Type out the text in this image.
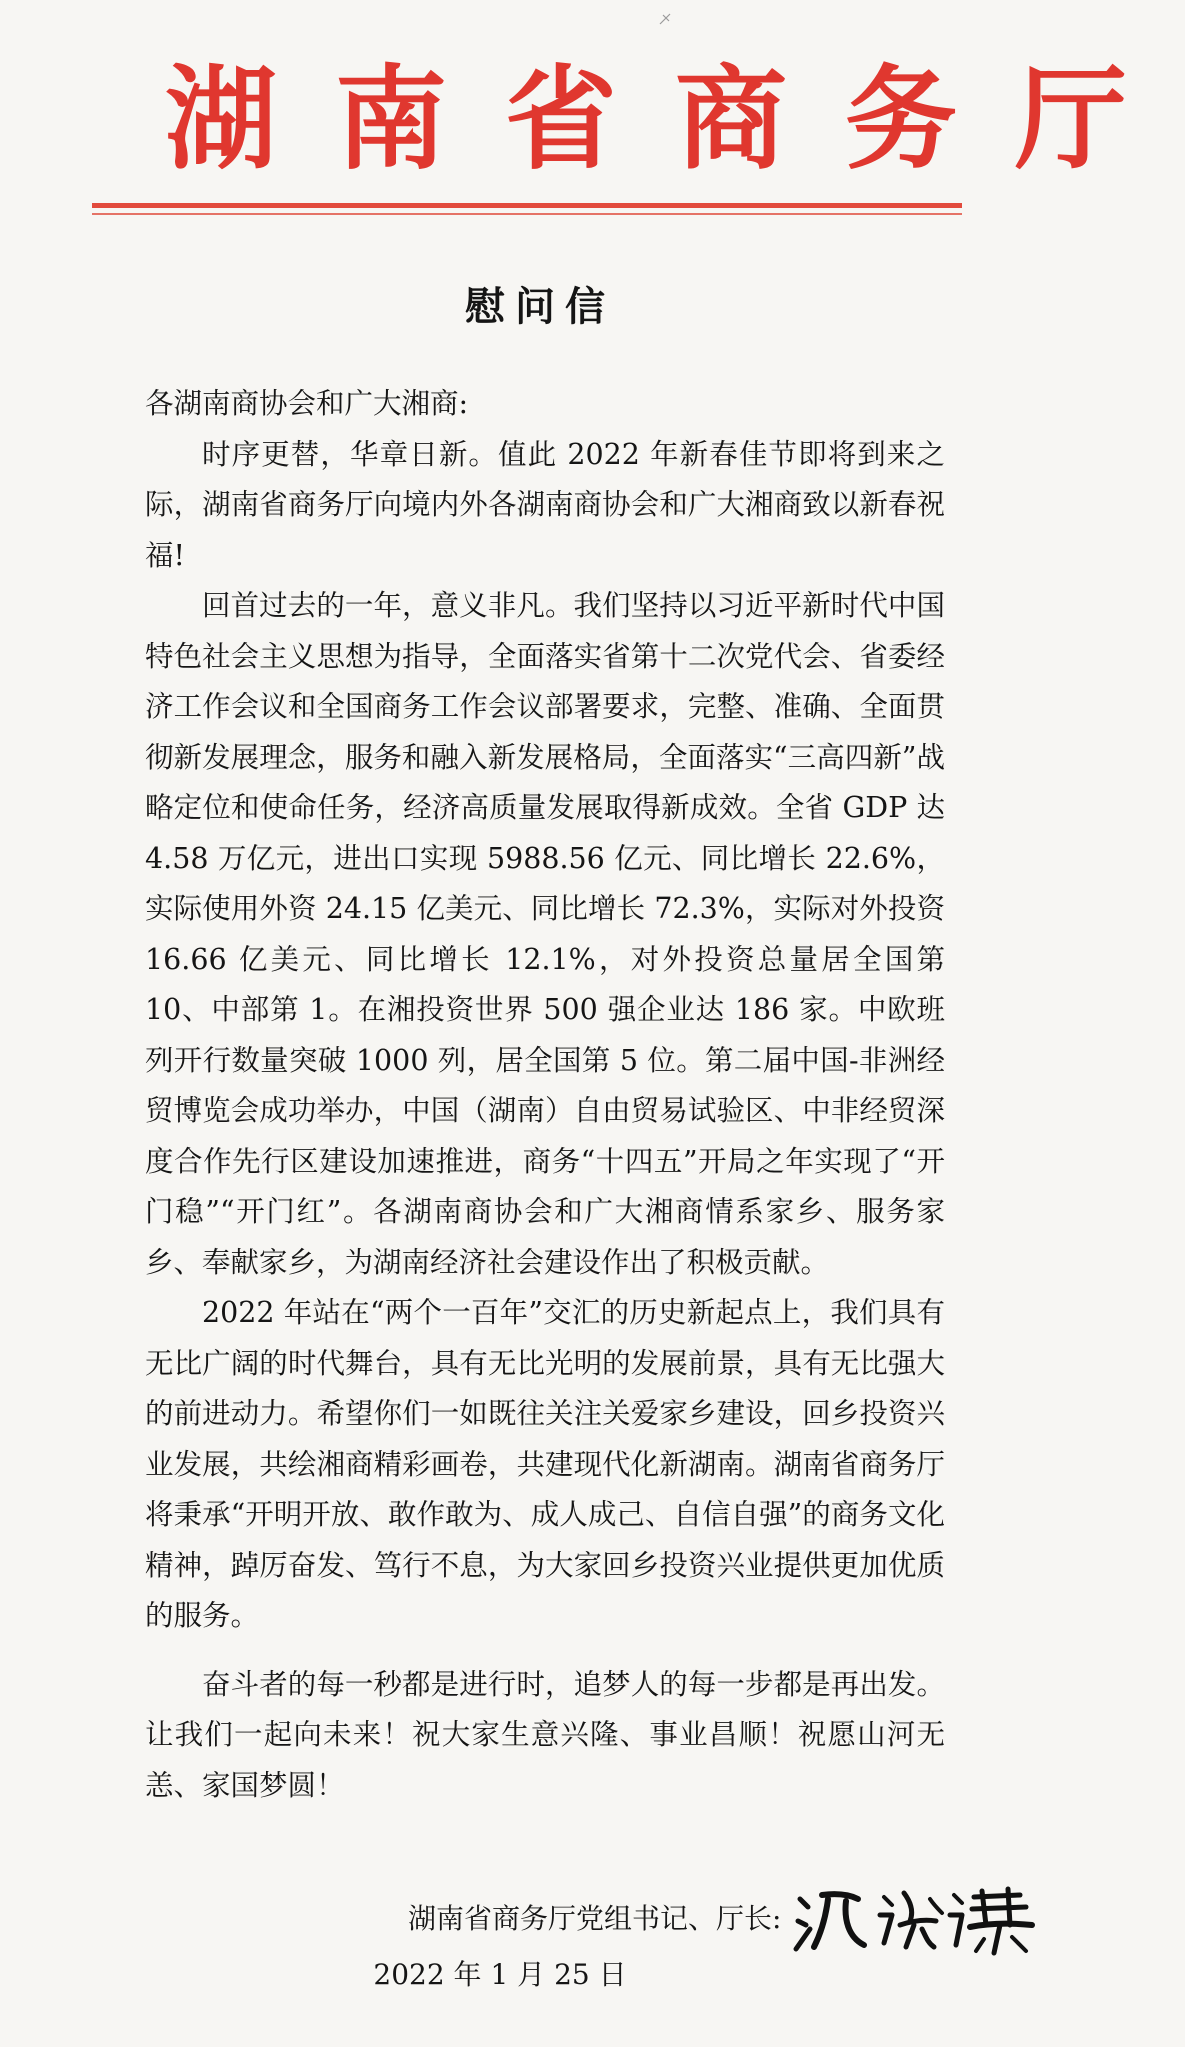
湖南省商务厅
慰问信

各湖南商协会和广大湘商:

时序更替，华章日新。值此 2022 年新春佳节即将到来之际，湖南省商务厅向境内外各湖南商协会和广大湘商致以新春祝福!

回首过去的一年，意义非凡。我们坚持以习近平新时代中国特色社会主义思想为指导，全面落实省第十二次党代会、省委经济工作会议和全国商务工作会议部署要求，完整、准确、全面贯彻新发展理念，服务和融入新发展格局，全面落实“三高四新”战略定位和使命任务，经济高质量发展取得新成效。全省 GDP 达 4.58 万亿元，进出口实现 5988.56 亿元、同比增长 22.6%，实际使用外资 24.15 亿美元、同比增长 72.3%，实际对外投资 16.66 亿美元、同比增长 12.1%，对外投资总量居全国第 10、中部第 1。在湘投资世界 500 强企业达 186 家。中欧班列开行数量突破 1000 列，居全国第 5 位。第二届中国-非洲经贸博览会成功举办，中国（湖南）自由贸易试验区、中非经贸深度合作先行区建设加速推进，商务“十四五”开局之年实现了“开门稳”“开门红”。各湖南商协会和广大湘商情系家乡、服务家乡、奉献家乡，为湖南经济社会建设作出了积极贡献。

2022 年站在“两个一百年”交汇的历史新起点上，我们具有无比广阔的时代舞台，具有无比光明的发展前景，具有无比强大的前进动力。希望你们一如既往关注关爱家乡建设，回乡投资兴业发展，共绘湘商精彩画卷，共建现代化新湖南。湖南省商务厅将秉承“开明开放、敢作敢为、成人成己、自信自强”的商务文化精神，踔厉奋发、笃行不息，为大家回乡投资兴业提供更加优质的服务。

奋斗者的每一秒都是进行时，追梦人的每一步都是再出发。让我们一起向未来！祝大家生意兴隆、事业昌顺！祝愿山河无恙、家国梦圆！

湖南省商务厅党组书记、厅长:
2022 年 1 月 25 日
